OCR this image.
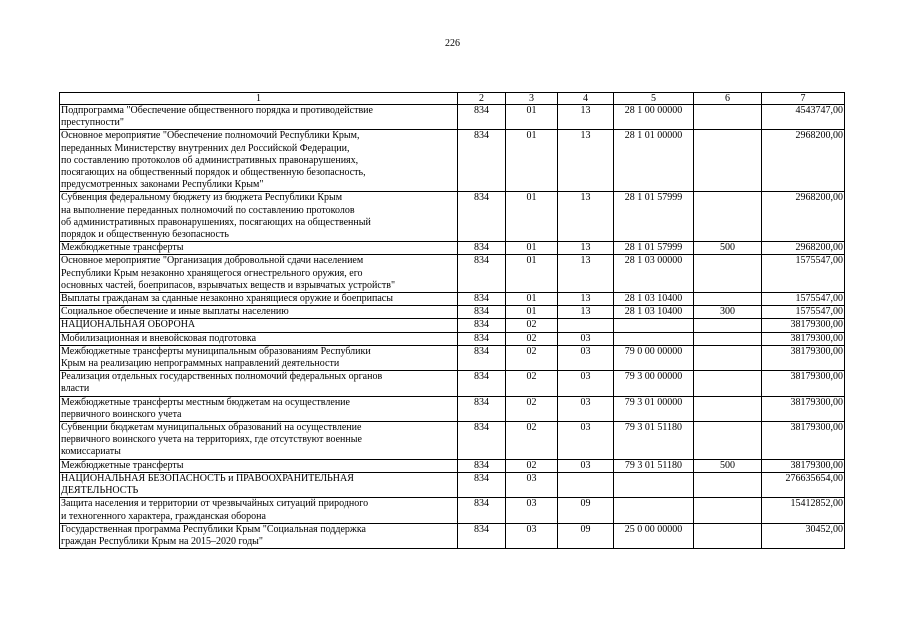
226
1	2	3	4	5	6	7
Подпрограмма "Обеспечение общественного порядка и противодействие
преступности"	834	01	13	28 1 00 00000		4543747,00
Основное мероприятие "Обеспечение полномочий Республики Крым,
переданных Министерству внутренних дел Российской Федерации,
по составлению протоколов об административных правонарушениях,
посягающих на общественный порядок и общественную безопасность,
предусмотренных законами Республики Крым"	834	01	13	28 1 01 00000		2968200,00
Субвенция федеральному бюджету из бюджета Республики Крым
на выполнение переданных полномочий по составлению протоколов
об административных правонарушениях, посягающих на общественный
порядок и общественную безопасность	834	01	13	28 1 01 57999		2968200,00
Межбюджетные трансферты	834	01	13	28 1 01 57999	500	2968200,00
Основное мероприятие "Организация добровольной сдачи населением
Республики Крым незаконно хранящегося огнестрельного оружия, его
основных частей, боеприпасов, взрывчатых веществ и взрывчатых устройств"	834	01	13	28 1 03 00000		1575547,00
Выплаты гражданам за сданные незаконно хранящиеся оружие и боеприпасы	834	01	13	28 1 03 10400		1575547,00
Социальное обеспечение и иные выплаты населению	834	01	13	28 1 03 10400	300	1575547,00
НАЦИОНАЛЬНАЯ ОБОРОНА	834	02				38179300,00
Мобилизационная и вневойсковая подготовка	834	02	03			38179300,00
Межбюджетные трансферты муниципальным образованиям Республики
Крым на реализацию непрограммных направлений деятельности	834	02	03	79 0 00 00000		38179300,00
Реализация отдельных государственных полномочий федеральных органов
власти	834	02	03	79 3 00 00000		38179300,00
Межбюджетные трансферты местным бюджетам на осуществление
первичного воинского учета	834	02	03	79 3 01 00000		38179300,00
Субвенции бюджетам муниципальных образований на осуществление
первичного воинского учета на территориях, где отсутствуют военные
комиссариаты	834	02	03	79 3 01 51180		38179300,00
Межбюджетные трансферты	834	02	03	79 3 01 51180	500	38179300,00
НАЦИОНАЛЬНАЯ БЕЗОПАСНОСТЬ и ПРАВООХРАНИТЕЛЬНАЯ
ДЕЯТЕЛЬНОСТЬ	834	03				276635654,00
Защита населения и территории от чрезвычайных ситуаций природного
и техногенного характера, гражданская оборона	834	03	09			15412852,00
Государственная программа Республики Крым "Социальная поддержка
граждан Республики Крым на 2015–2020 годы"	834	03	09	25 0 00 00000		30452,00
